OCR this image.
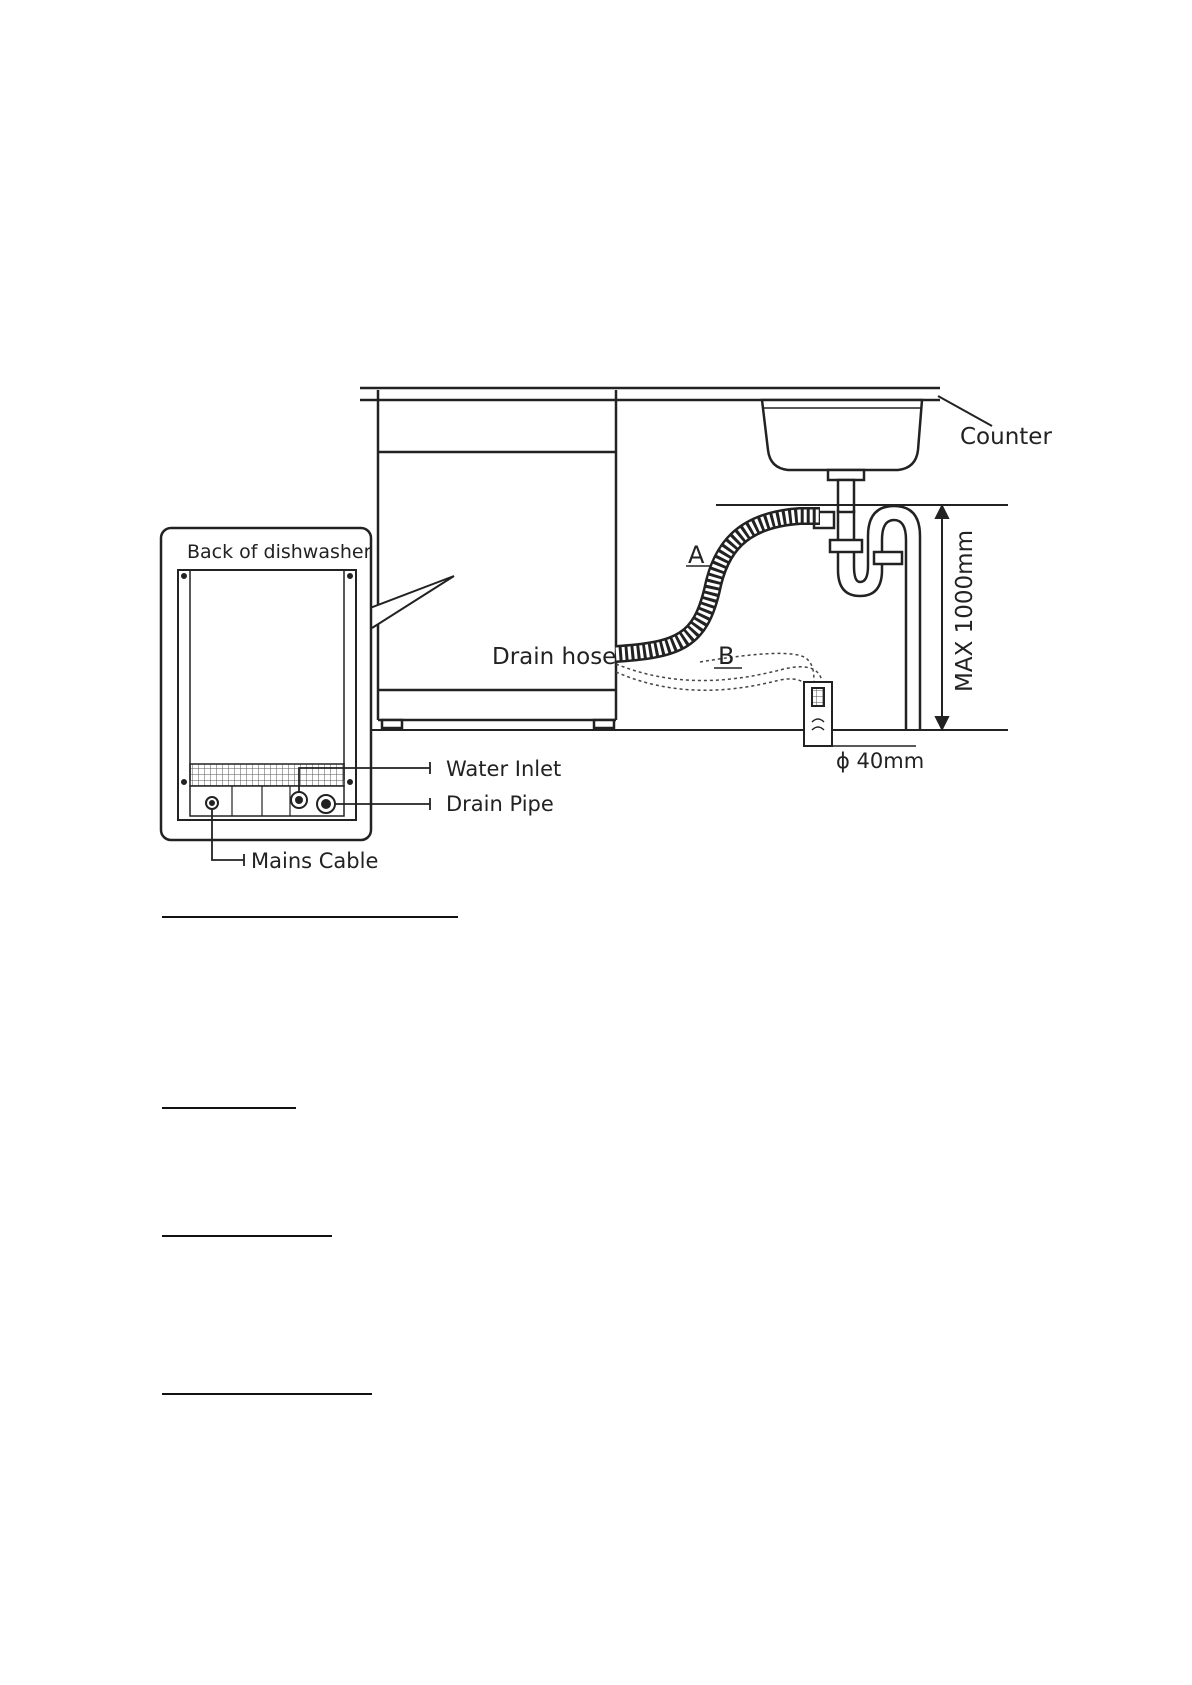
Counter
MAX 1000mm
A
B
ϕ 40mm
Drain hose
Back of dishwasher
Water Inlet
Drain Pipe
Mains Cable
